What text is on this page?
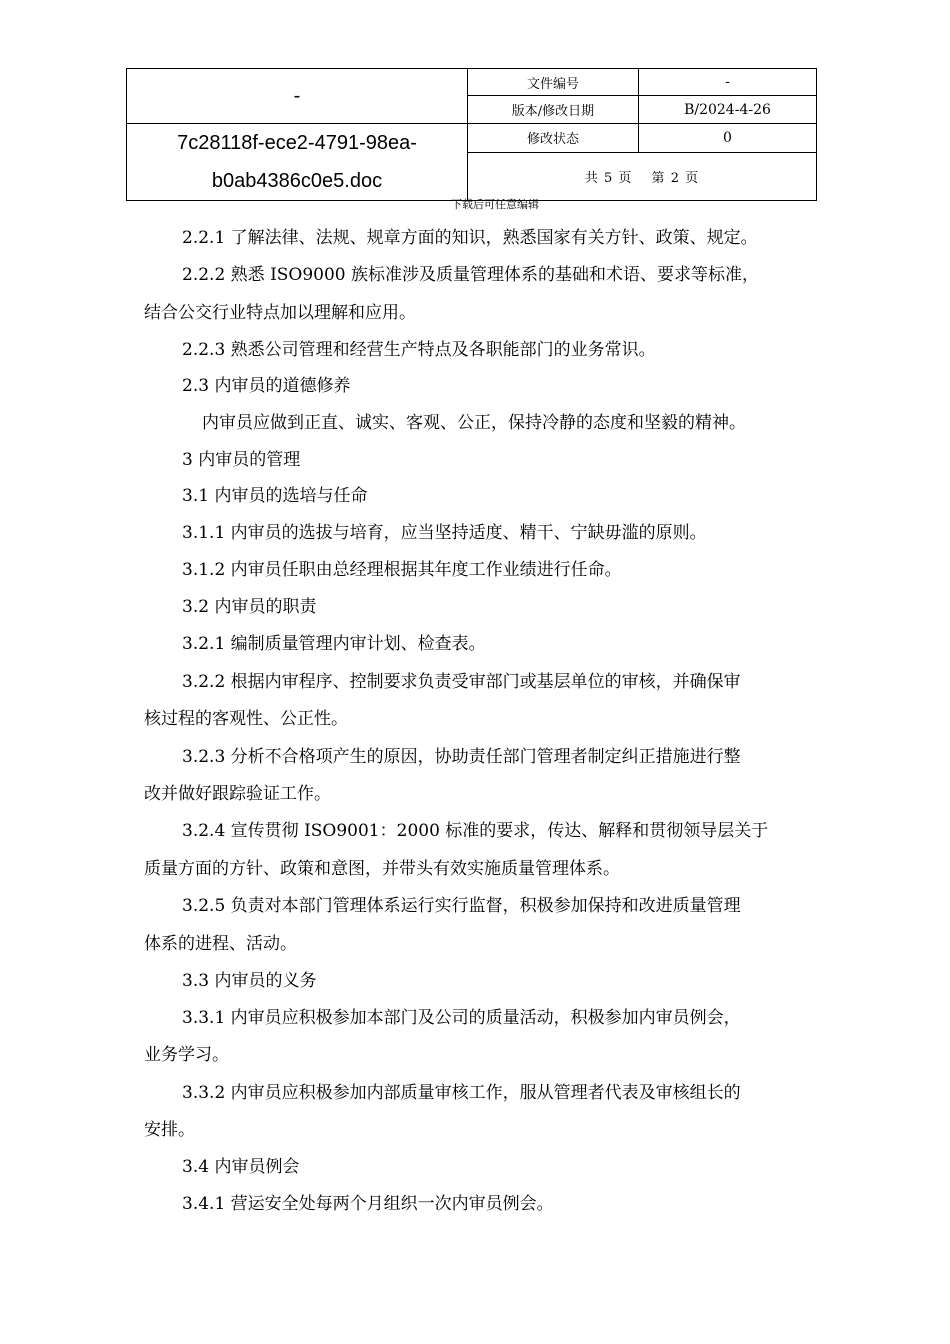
-	文件编号	-
	版本/修改日期	B/2024-4-26

7c28118f-ece2-4791-98ea-
b0ab4386c0e5.doc	修改状态	0
	共 5 页　 第 2 页	
下载后可任意编辑

2.2.1 了解法律、法规、规章方面的知识，熟悉国家有关方针、政策、规定。

2.2.2 熟悉 ISO9000 族标准涉及质量管理体系的基础和术语、要求等标准，

结合公交行业特点加以理解和应用。

2.2.3 熟悉公司管理和经营生产特点及各职能部门的业务常识。

2.3 内审员的道德修养

内审员应做到正直、诚实、客观、公正，保持冷静的态度和坚毅的精神。

3 内审员的管理

3.1 内审员的选培与任命

3.1.1 内审员的选拔与培育，应当坚持适度、精干、宁缺毋滥的原则。

3.1.2 内审员任职由总经理根据其年度工作业绩进行任命。

3.2 内审员的职责

3.2.1 编制质量管理内审计划、检查表。

3.2.2 根据内审程序、控制要求负责受审部门或基层单位的审核，并确保审

核过程的客观性、公正性。

3.2.3 分析不合格项产生的原因，协助责任部门管理者制定纠正措施进行整

改并做好跟踪验证工作。

3.2.4 宣传贯彻 ISO9001：2000 标准的要求，传达、解释和贯彻领导层关于

质量方面的方针、政策和意图，并带头有效实施质量管理体系。

3.2.5 负责对本部门管理体系运行实行监督，积极参加保持和改进质量管理

体系的进程、活动。

3.3 内审员的义务

3.3.1 内审员应积极参加本部门及公司的质量活动，积极参加内审员例会，

业务学习。

3.3.2 内审员应积极参加内部质量审核工作，服从管理者代表及审核组长的

安排。

3.4 内审员例会

3.4.1 营运安全处每两个月组织一次内审员例会。
